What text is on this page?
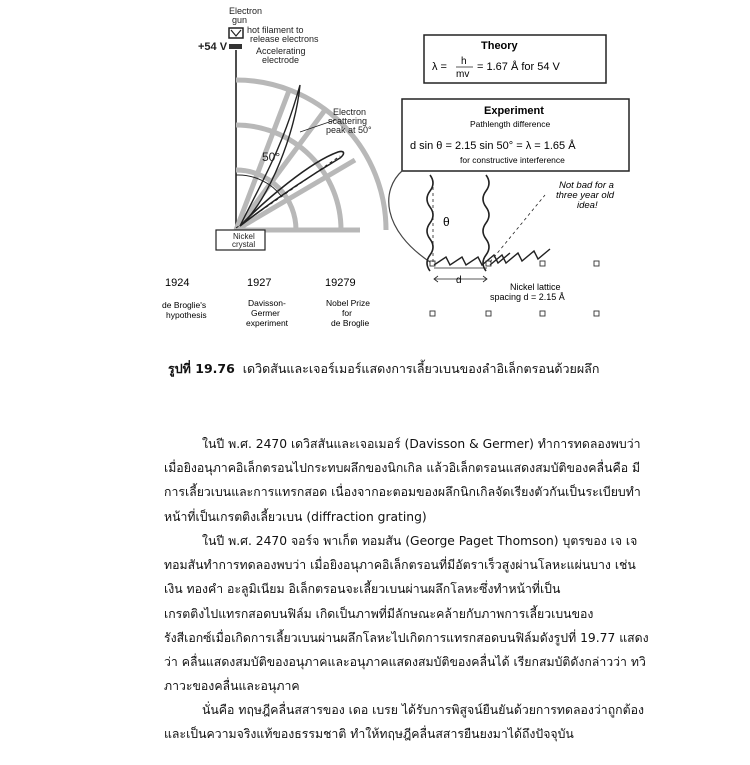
Electron gun
hot filament to release electrons
+54 V	Accelerating electrode
Electron scattering peak at 50°
50°
Nickel crystal
Theory
λ = h
mv
= 1.67 Å for 54 V
Experiment
Pathlength difference
d sin θ = 2.15 sin 50° = λ = 1.65 Å
for constructive interference
θ
d
Not bad for a three year old idea!
Nickel lattice spacing d = 2.15 Å
1924	1927	19279
de Broglie's hypothesis
Davisson-Germer experiment
Nobel Prize for de Broglie
รูปที่ 19.76 เดวิดสันและเจอร์เมอร์แสดงการเลี้ยวเบนของลำอิเล็กตรอนด้วยผลึก

ในปี พ.ศ. 2470 เดวิสสันและเจอเมอร์ (Davisson & Germer) ทำการทดลองพบว่า

เมื่อยิงอนุภาคอิเล็กตรอนไปกระทบผลึกของนิกเกิล แล้วอิเล็กตรอนแสดงสมบัติของคลื่นคือ มี

การเลี้ยวเบนและการแทรกสอด เนื่องจากอะตอมของผลึกนิกเกิลจัดเรียงตัวกันเป็นระเบียบทำ

หน้าที่เป็นเกรตติงเลี้ยวเบน (diffraction grating)

ในปี พ.ศ. 2470 จอร์จ พาเก็ต ทอมสัน (George Paget Thomson) บุตรของ เจ เจ

ทอมสันทำการทดลองพบว่า เมื่อยิงอนุภาคอิเล็กตรอนที่มีอัตราเร็วสูงผ่านโลหะแผ่นบาง เช่น

เงิน ทองคำ อะลูมิเนียม อิเล็กตรอนจะเลี้ยวเบนผ่านผลึกโลหะซึ่งทำหน้าที่เป็น

เกรตติงไปแทรกสอดบนฟิล์ม เกิดเป็นภาพที่มีลักษณะคล้ายกับภาพการเลี้ยวเบนของ

รังสีเอกซ์เมื่อเกิดการเลี้ยวเบนผ่านผลึกโลหะไปเกิดการแทรกสอดบนฟิล์มดังรูปที่ 19.77 แสดง

ว่า คลื่นแสดงสมบัติของอนุภาคและอนุภาคแสดงสมบัติของคลื่นได้ เรียกสมบัติดังกล่าวว่า ทวิ

ภาวะของคลื่นและอนุภาค

นั่นคือ ทฤษฎีคลื่นสสารของ เดอ เบรย ได้รับการพิสูจน์ยืนยันด้วยการทดลองว่าถูกต้อง

และเป็นความจริงแท้ของธรรมชาติ ทำให้ทฤษฎีคลื่นสสารยืนยงมาได้ถึงปัจจุบัน
